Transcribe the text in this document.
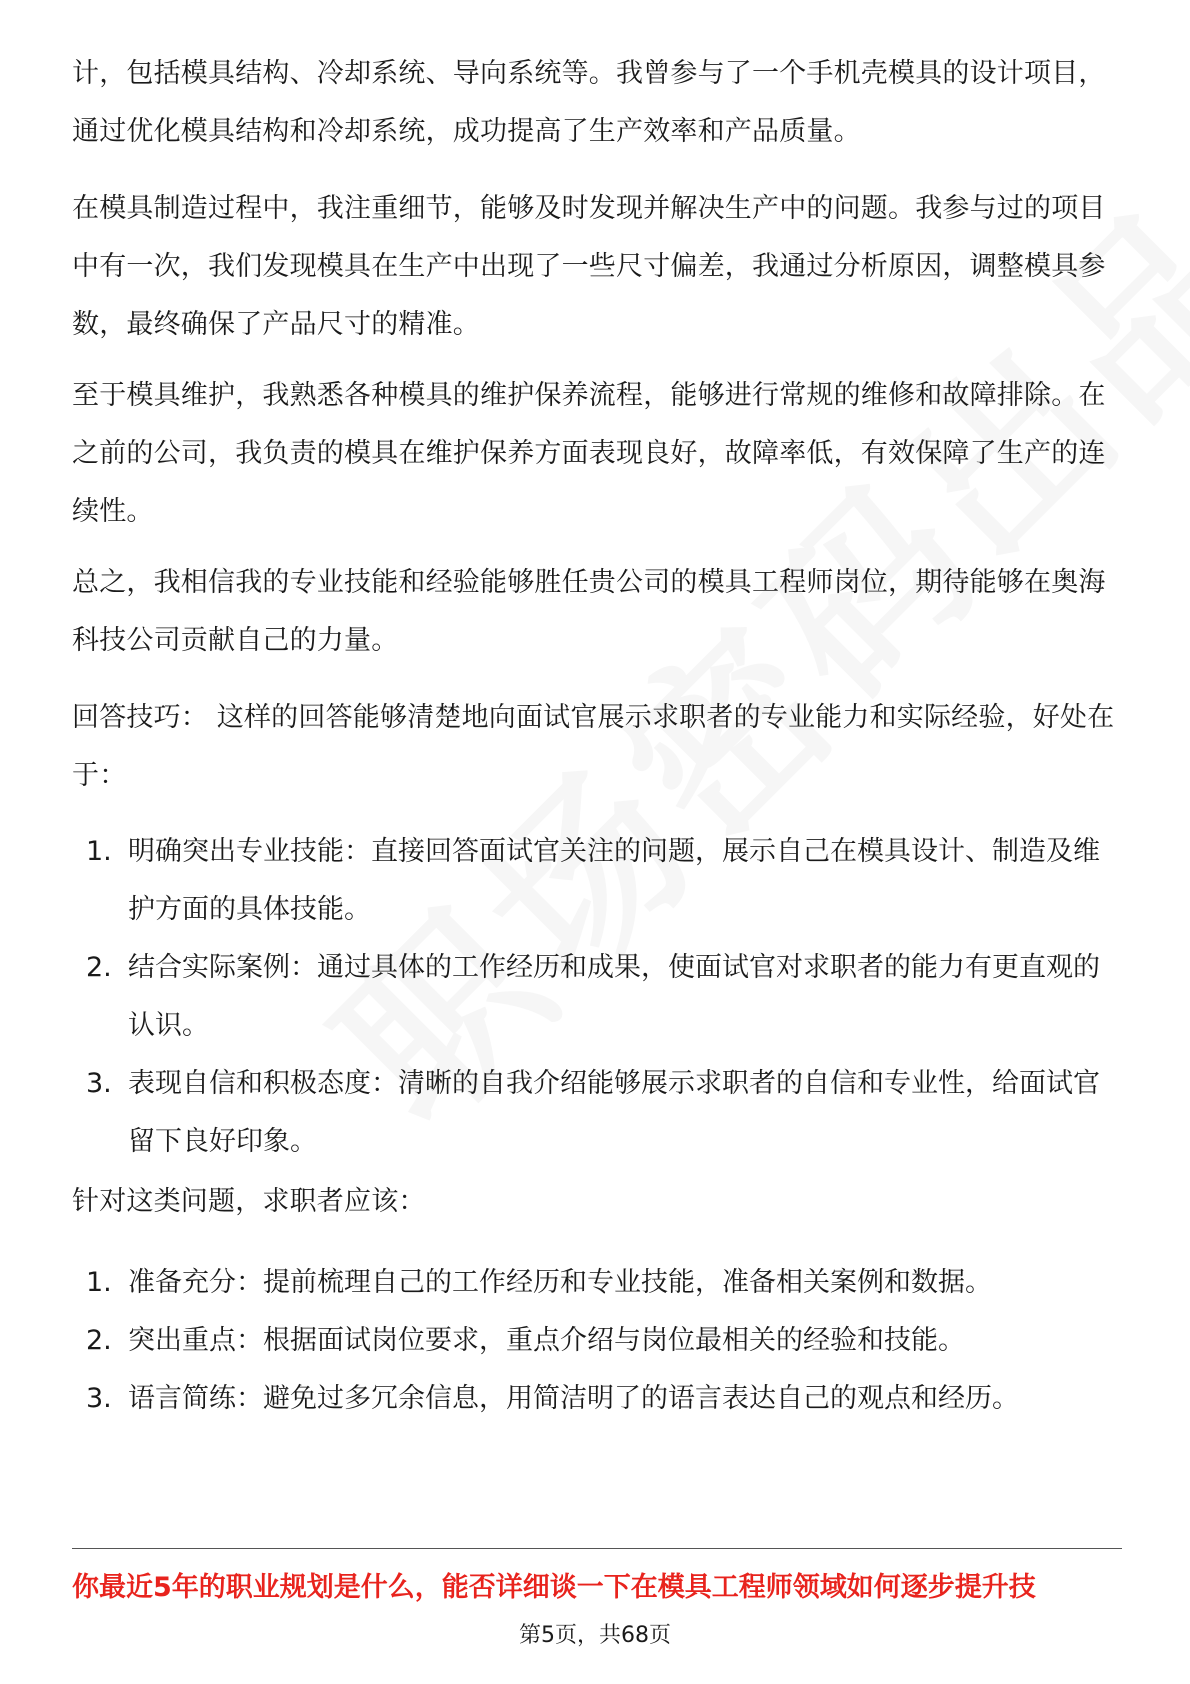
计，包括模具结构、冷却系统、导向系统等。我曾参与了一个手机壳模具的设计项目，通过优化模具结构和冷却系统，成功提高了生产效率和产品质量。

在模具制造过程中，我注重细节，能够及时发现并解决生产中的问题。我参与过的项目中有一次，我们发现模具在生产中出现了一些尺寸偏差，我通过分析原因，调整模具参数，最终确保了产品尺寸的精准。

至于模具维护，我熟悉各种模具的维护保养流程，能够进行常规的维修和故障排除。在之前的公司，我负责的模具在维护保养方面表现良好，故障率低，有效保障了生产的连续性。

总之，我相信我的专业技能和经验能够胜任贵公司的模具工程师岗位，期待能够在奥海科技公司贡献自己的力量。

回答技巧： 这样的回答能够清楚地向面试官展示求职者的专业能力和实际经验，好处在于：

1. 明确突出专业技能：直接回答面试官关注的问题，展示自己在模具设计、制造及维护方面的具体技能。
2. 结合实际案例：通过具体的工作经历和成果，使面试官对求职者的能力有更直观的认识。
3. 表现自信和积极态度：清晰的自我介绍能够展示求职者的自信和专业性，给面试官留下良好印象。

针对这类问题，求职者应该：

1. 准备充分：提前梳理自己的工作经历和专业技能，准备相关案例和数据。
2. 突出重点：根据面试岗位要求，重点介绍与岗位最相关的经验和技能。
3. 语言简练：避免过多冗余信息，用简洁明了的语言表达自己的观点和经历。
你最近5年的职业规划是什么，能否详细谈一下在模具工程师领域如何逐步提升技
第5页，共68页
